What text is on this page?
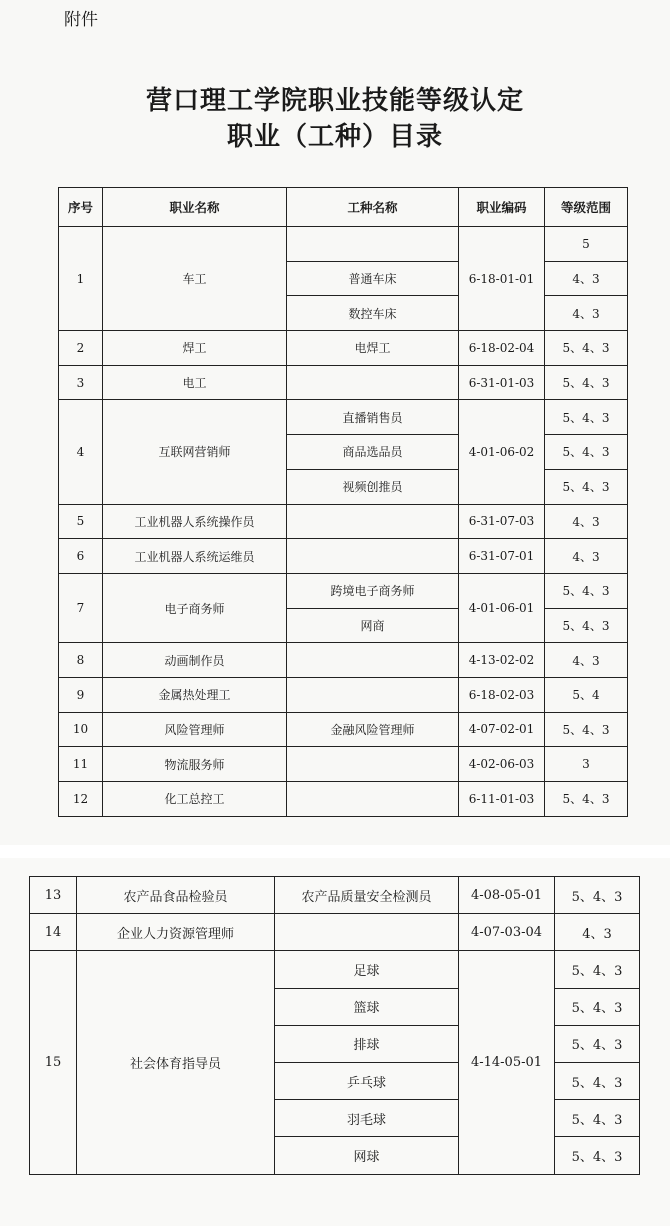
附件
营口理工学院职业技能等级认定
职业（工种）目录
序号	职业名称	工种名称	职业编码	等级范围
1	车工		6-18-01-01	5
		普通车床		4、3
		数控车床		4、3
2	焊工	电焊工	6-18-02-04	5、4、3
3	电工		6-31-01-03	5、4、3
4	互联网营销师	直播销售员	4-01-06-02	5、4、3
		商品选品员		5、4、3
		视频创推员		5、4、3
5	工业机器人系统操作员		6-31-07-03	4、3
6	工业机器人系统运维员		6-31-07-01	4、3
7	电子商务师	跨境电子商务师	4-01-06-01	5、4、3
		网商		5、4、3
8	动画制作员		4-13-02-02	4、3
9	金属热处理工		6-18-02-03	5、4
10	风险管理师	金融风险管理师	4-07-02-01	5、4、3
11	物流服务师		4-02-06-03	3
12	化工总控工		6-11-01-03	5、4、3
13	农产品食品检验员	农产品质量安全检测员	4-08-05-01	5、4、3
14	企业人力资源管理师		4-07-03-04	4、3
15	社会体育指导员	足球	4-14-05-01	5、4、3
		篮球		5、4、3
		排球		5、4、3
		乒乓球		5、4、3
		羽毛球		5、4、3
		网球		5、4、3
